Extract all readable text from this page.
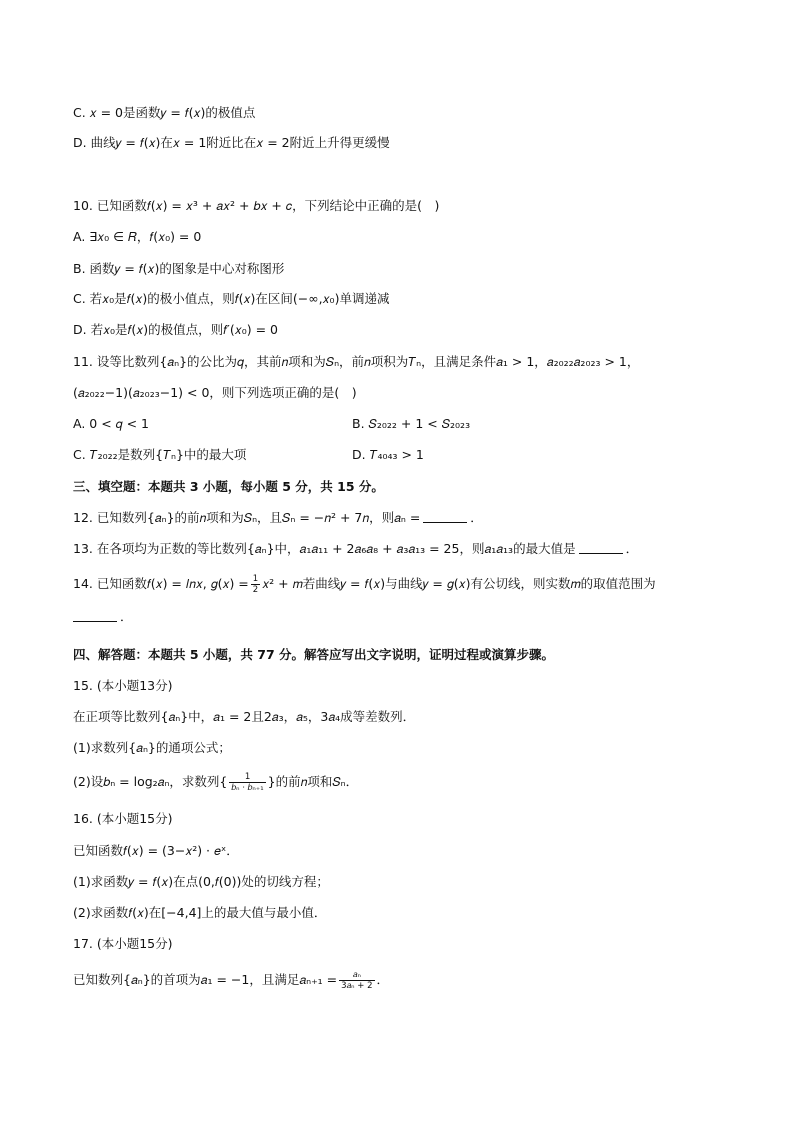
C. 𝑥 = 0是函数𝑦 = 𝑓(𝑥)的极值点
D. 曲线𝑦 = 𝑓(𝑥)在𝑥 = 1附近比在𝑥 = 2附近上升得更缓慢
10. 已知函数𝑓(𝑥) = 𝑥³ + 𝑎𝑥² + 𝑏𝑥 + 𝑐，下列结论中正确的是(　)
A. ∃𝑥₀ ∈ 𝑅，𝑓(𝑥₀) = 0
B. 函数𝑦 = 𝑓(𝑥)的图象是中心对称图形
C. 若𝑥₀是𝑓(𝑥)的极小值点，则𝑓(𝑥)在区间(−∞,𝑥₀)单调递减
D. 若𝑥₀是𝑓(𝑥)的极值点，则𝑓′(𝑥₀) = 0
11. 设等比数列{𝑎ₙ}的公比为𝑞，其前𝑛项和为𝑆ₙ，前𝑛项积为𝑇ₙ，且满足条件𝑎₁ > 1，𝑎₂₀₂₂𝑎₂₀₂₃ > 1，
(𝑎₂₀₂₂−1)(𝑎₂₀₂₃−1) < 0，则下列选项正确的是(　)
A. 0 < 𝑞 < 1	B. 𝑆₂₀₂₂ + 1 < 𝑆₂₀₂₃
C. 𝑇₂₀₂₂是数列{𝑇ₙ}中的最大项	D. 𝑇₄₀₄₃ > 1
三、填空题：本题共 3 小题，每小题 5 分，共 15 分。
12. 已知数列{𝑎ₙ}的前𝑛项和为𝑆ₙ，且𝑆ₙ = −𝑛² + 7𝑛，则𝑎ₙ =	．
13. 在各项均为正数的等比数列{𝑎ₙ}中，𝑎₁𝑎₁₁ + 2𝑎₆𝑎₈ + 𝑎₃𝑎₁₃ = 25，则𝑎₁𝑎₁₃的最大值是	．
14. 已知函数𝑓(𝑥) = 𝑙𝑛𝑥, 𝑔(𝑥) = $\frac{1}{2}$ 𝑥² + 𝑚若曲线𝑦 = 𝑓(𝑥)与曲线𝑦 = 𝑔(𝑥)有公切线，则实数𝑚的取值范围为
．
四、解答题：本题共 5 小题，共 77 分。解答应写出文字说明，证明过程或演算步骤。
15. (本小题13分)
在正项等比数列{𝑎ₙ}中，𝑎₁ = 2且2𝑎₃，𝑎₅，3𝑎₄成等差数列．
(1)求数列{𝑎ₙ}的通项公式；
(2)设𝑏ₙ = log₂𝑎ₙ，求数列{ $\frac{1}{\text{𝑏ₙ ⋅ 𝑏ₙ₊₁}}$ }的前𝑛项和𝑆ₙ．
16. (本小题15分)
已知函数𝑓(𝑥) = (3−𝑥²) ⋅ 𝑒ˣ．
(1)求函数𝑦 = 𝑓(𝑥)在点(0,𝑓(0))处的切线方程；
(2)求函数𝑓(𝑥)在[−4,4]上的最大值与最小值．
17. (本小题15分)
已知数列{𝑎ₙ}的首项为𝑎₁ = −1，且满足𝑎ₙ₊₁ = $\frac{\text{𝑎ₙ}}{\text{3𝑎ₙ + 2}}$ ．
